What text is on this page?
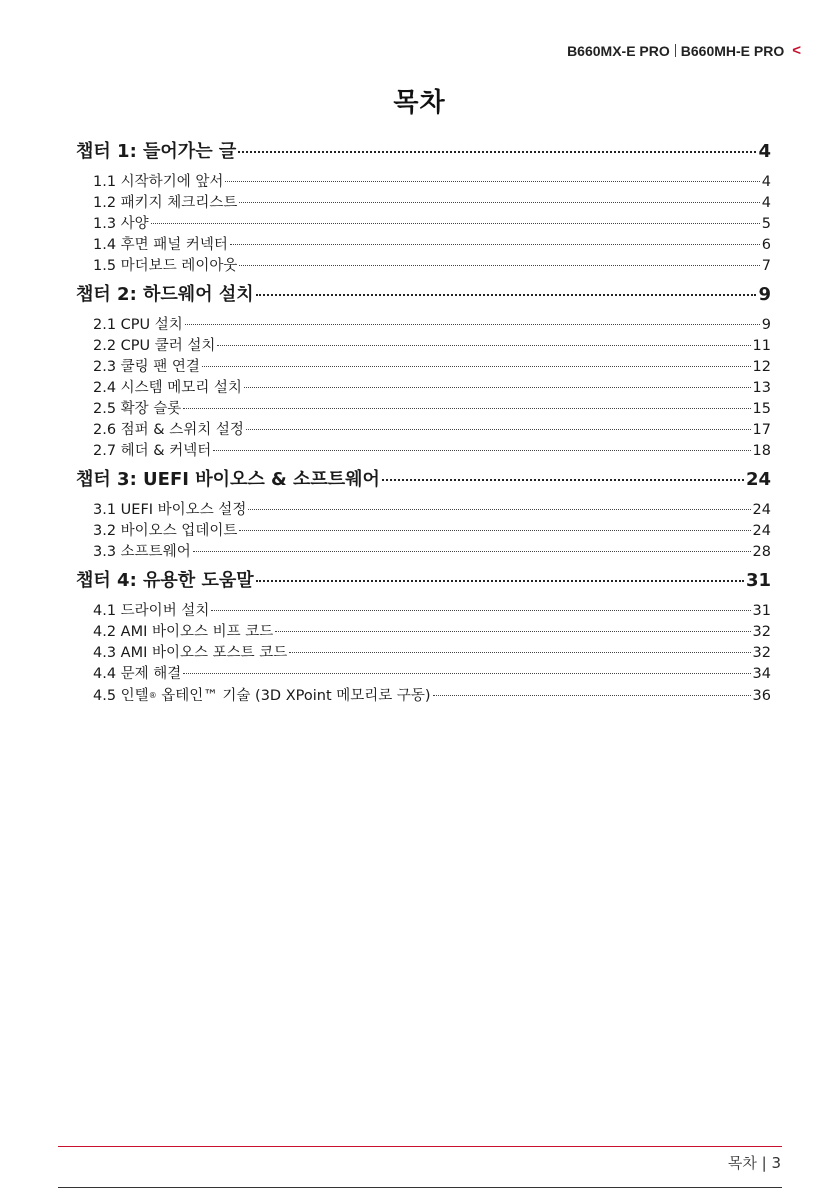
B660MX-E PRO B660MH-E PRO <
목차
챕터 1: 들어가는 글	4
1.1 시작하기에 앞서	4
1.2 패키지 체크리스트	4
1.3 사양	5
1.4 후면 패널 커넥터	6
1.5 마더보드 레이아웃	7
챕터 2: 하드웨어 설치	9
2.1 CPU 설치	9
2.2 CPU 쿨러 설치	11
2.3 쿨링 팬 연결	12
2.4 시스템 메모리 설치	13
2.5 확장 슬롯	15
2.6 점퍼 & 스위치 설정	17
2.7 헤더 & 커넥터	18
챕터 3: UEFI 바이오스 & 소프트웨어	24
3.1 UEFI 바이오스 설정	24
3.2 바이오스 업데이트	24
3.3 소프트웨어	28
챕터 4: 유용한 도움말	31
4.1 드라이버 설치	31
4.2 AMI 바이오스 비프 코드	32
4.3 AMI 바이오스 포스트 코드	32
4.4 문제 해결	34
4.5 인텔® 옵테인™ 기술 (3D XPoint 메모리로 구동)	36
목차 | 3
